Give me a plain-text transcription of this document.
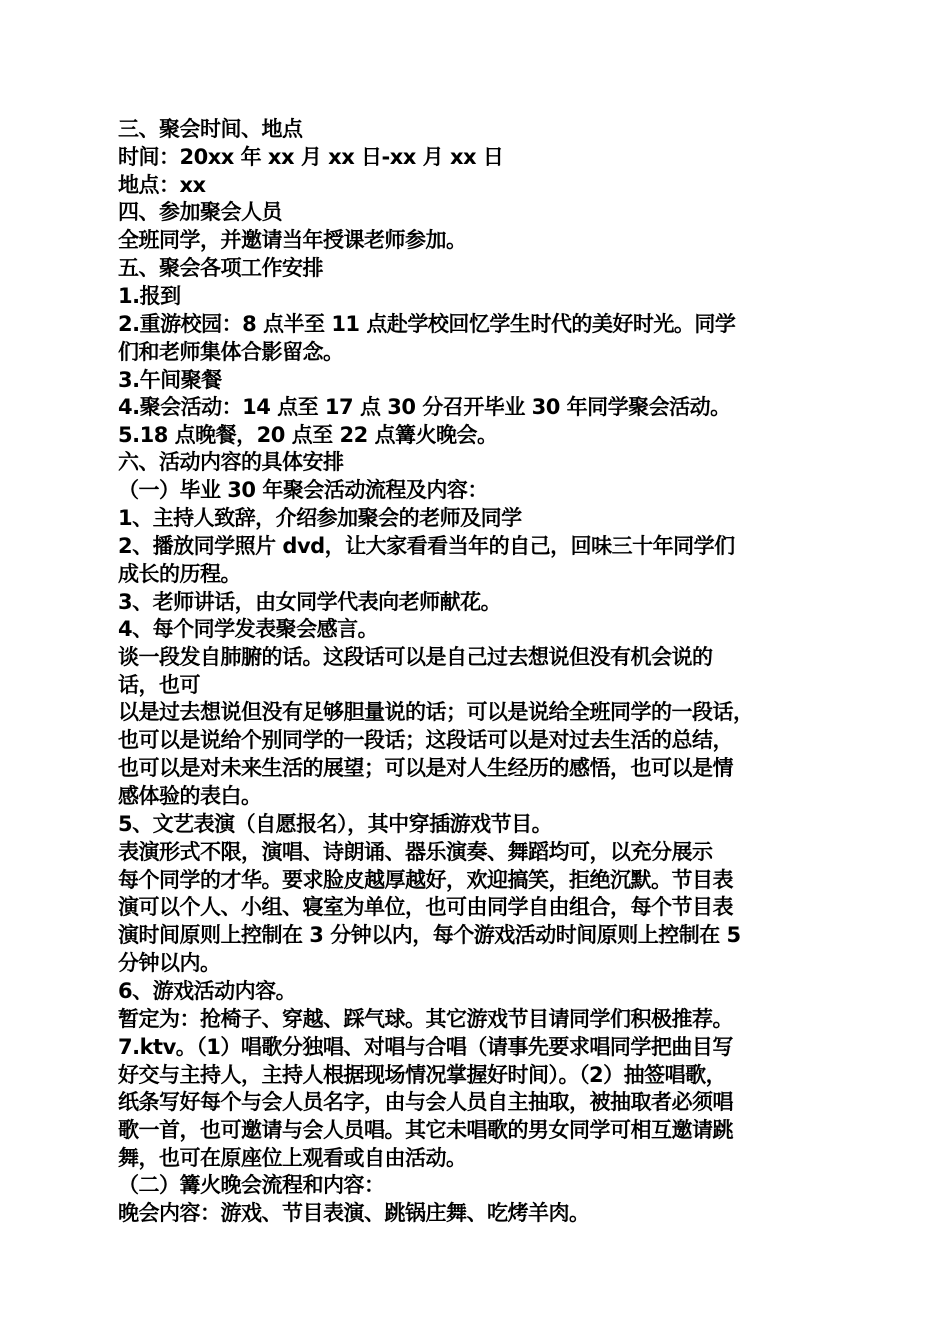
三、聚会时间、地点
时间：20xx 年 xx 月 xx 日-xx 月 xx 日
地点：xx
四、参加聚会人员
全班同学，并邀请当年授课老师参加。
五、聚会各项工作安排
1.报到
2.重游校园：8 点半至 11 点赴学校回忆学生时代的美好时光。同学
们和老师集体合影留念。
3.午间聚餐
4.聚会活动：14 点至 17 点 30 分召开毕业 30 年同学聚会活动。
5.18 点晚餐，20 点至 22 点篝火晚会。
六、活动内容的具体安排
（一）毕业 30 年聚会活动流程及内容：
1、主持人致辞，介绍参加聚会的老师及同学
2、播放同学照片 dvd，让大家看看当年的自己，回味三十年同学们
成长的历程。
3、老师讲话，由女同学代表向老师献花。
4、每个同学发表聚会感言。
谈一段发自肺腑的话。这段话可以是自己过去想说但没有机会说的
话，也可
以是过去想说但没有足够胆量说的话；可以是说给全班同学的一段话，
也可以是说给个别同学的一段话；这段话可以是对过去生活的总结，
也可以是对未来生活的展望；可以是对人生经历的感悟，也可以是情
感体验的表白。
5、文艺表演（自愿报名），其中穿插游戏节目。
表演形式不限，演唱、诗朗诵、器乐演奏、舞蹈均可，以充分展示
每个同学的才华。要求脸皮越厚越好，欢迎搞笑，拒绝沉默。节目表
演可以个人、小组、寝室为单位，也可由同学自由组合，每个节目表
演时间原则上控制在 3 分钟以内，每个游戏活动时间原则上控制在 5
分钟以内。
6、游戏活动内容。
暂定为：抢椅子、穿越、踩气球。其它游戏节目请同学们积极推荐。
7.ktv。（1）唱歌分独唱、对唱与合唱（请事先要求唱同学把曲目写
好交与主持人，主持人根据现场情况掌握好时间）。（2）抽签唱歌，
纸条写好每个与会人员名字，由与会人员自主抽取，被抽取者必须唱
歌一首，也可邀请与会人员唱。其它未唱歌的男女同学可相互邀请跳
舞，也可在原座位上观看或自由活动。
（二）篝火晚会流程和内容：
晚会内容：游戏、节目表演、跳锅庄舞、吃烤羊肉。
